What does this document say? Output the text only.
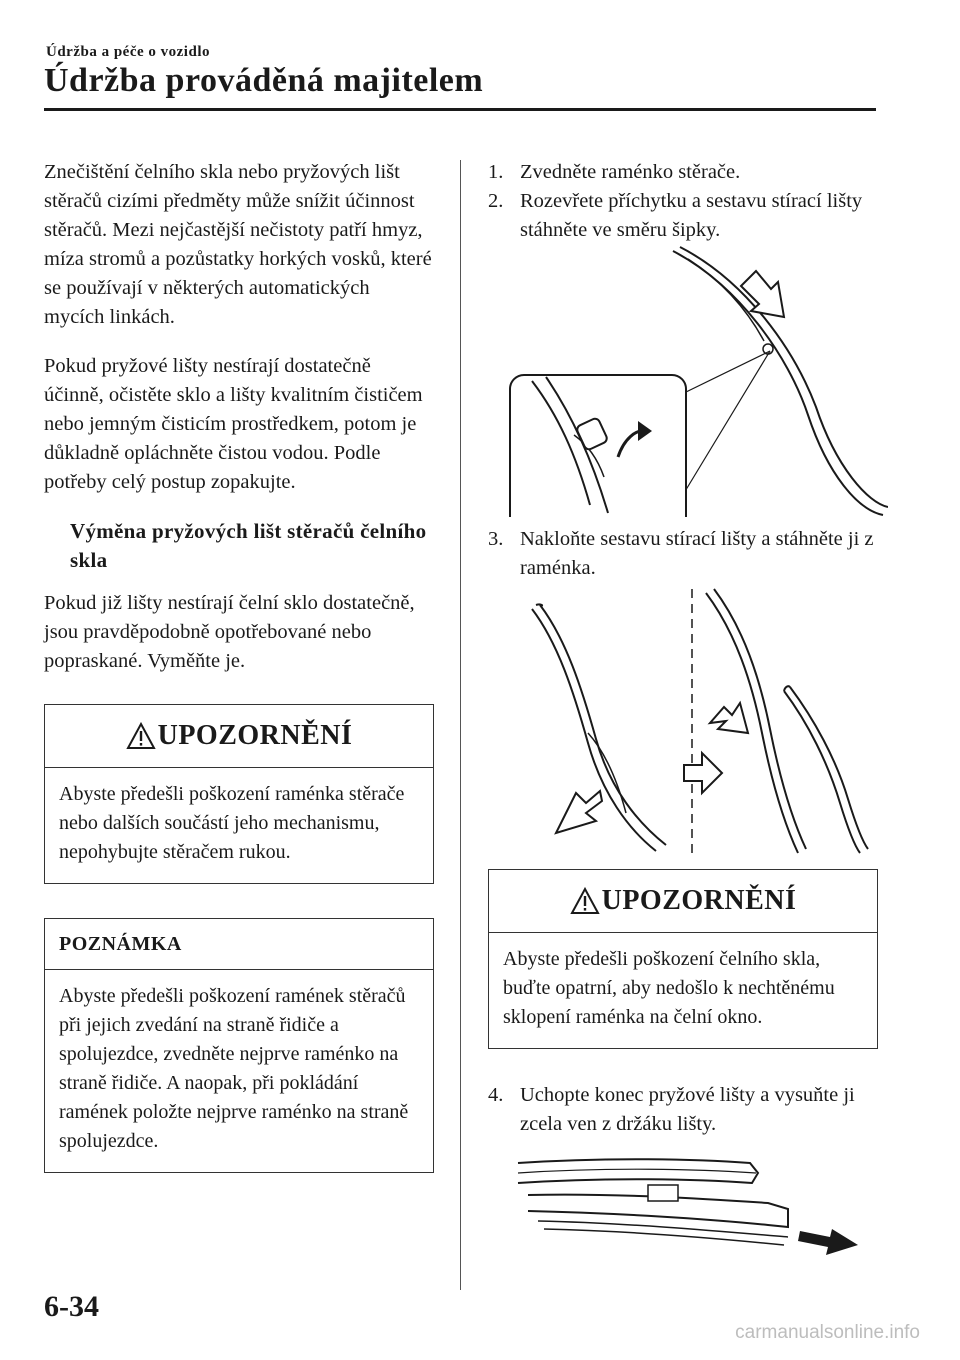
Údržba a péče o vozidlo
Údržba prováděná majitelem

Znečištění čelního skla nebo pryžových lišt stěračů cizími předměty může snížit účinnost stěračů. Mezi nejčastější nečistoty patří hmyz, míza stromů a pozůstatky horkých vosků, které se používají v některých automatických mycích linkách.

Pokud pryžové lišty nestírají dostatečně účinně, očistěte sklo a lišty kvalitním čističem nebo jemným čisticím prostředkem, potom je důkladně opláchněte čistou vodou. Podle potřeby celý postup zopakujte.

Výměna pryžových lišt stěračů čelního skla

Pokud již lišty nestírají čelní sklo dostatečně, jsou pravděpodobně opotřebované nebo popraskané. Vyměňte je.

UPOZORNĚNÍ
Abyste předešli poškození raménka stěrače nebo dalších součástí jeho mechanismu, nepohybujte stěračem rukou.
POZNÁMKA
Abyste předešli poškození ramének stěračů při jejich zvedání na straně řidiče a spolujezdce, zvedněte nejprve raménko na straně řidiče. A naopak, při pokládání ramének položte nejprve raménko na straně spolujezdce.
1. Zvedněte raménko stěrače.
2. Rozevřete příchytku a sestavu stírací lišty stáhněte ve směru šipky.
3. Nakloňte sestavu stírací lišty a stáhněte ji z raménka.
UPOZORNĚNÍ
Abyste předešli poškození čelního skla, buďte opatrní, aby nedošlo k nechtěnému sklopení raménka na čelní okno.
4. Uchopte konec pryžové lišty a vysuňte ji zcela ven z držáku lišty.
6-34
carmanualsonline.info
